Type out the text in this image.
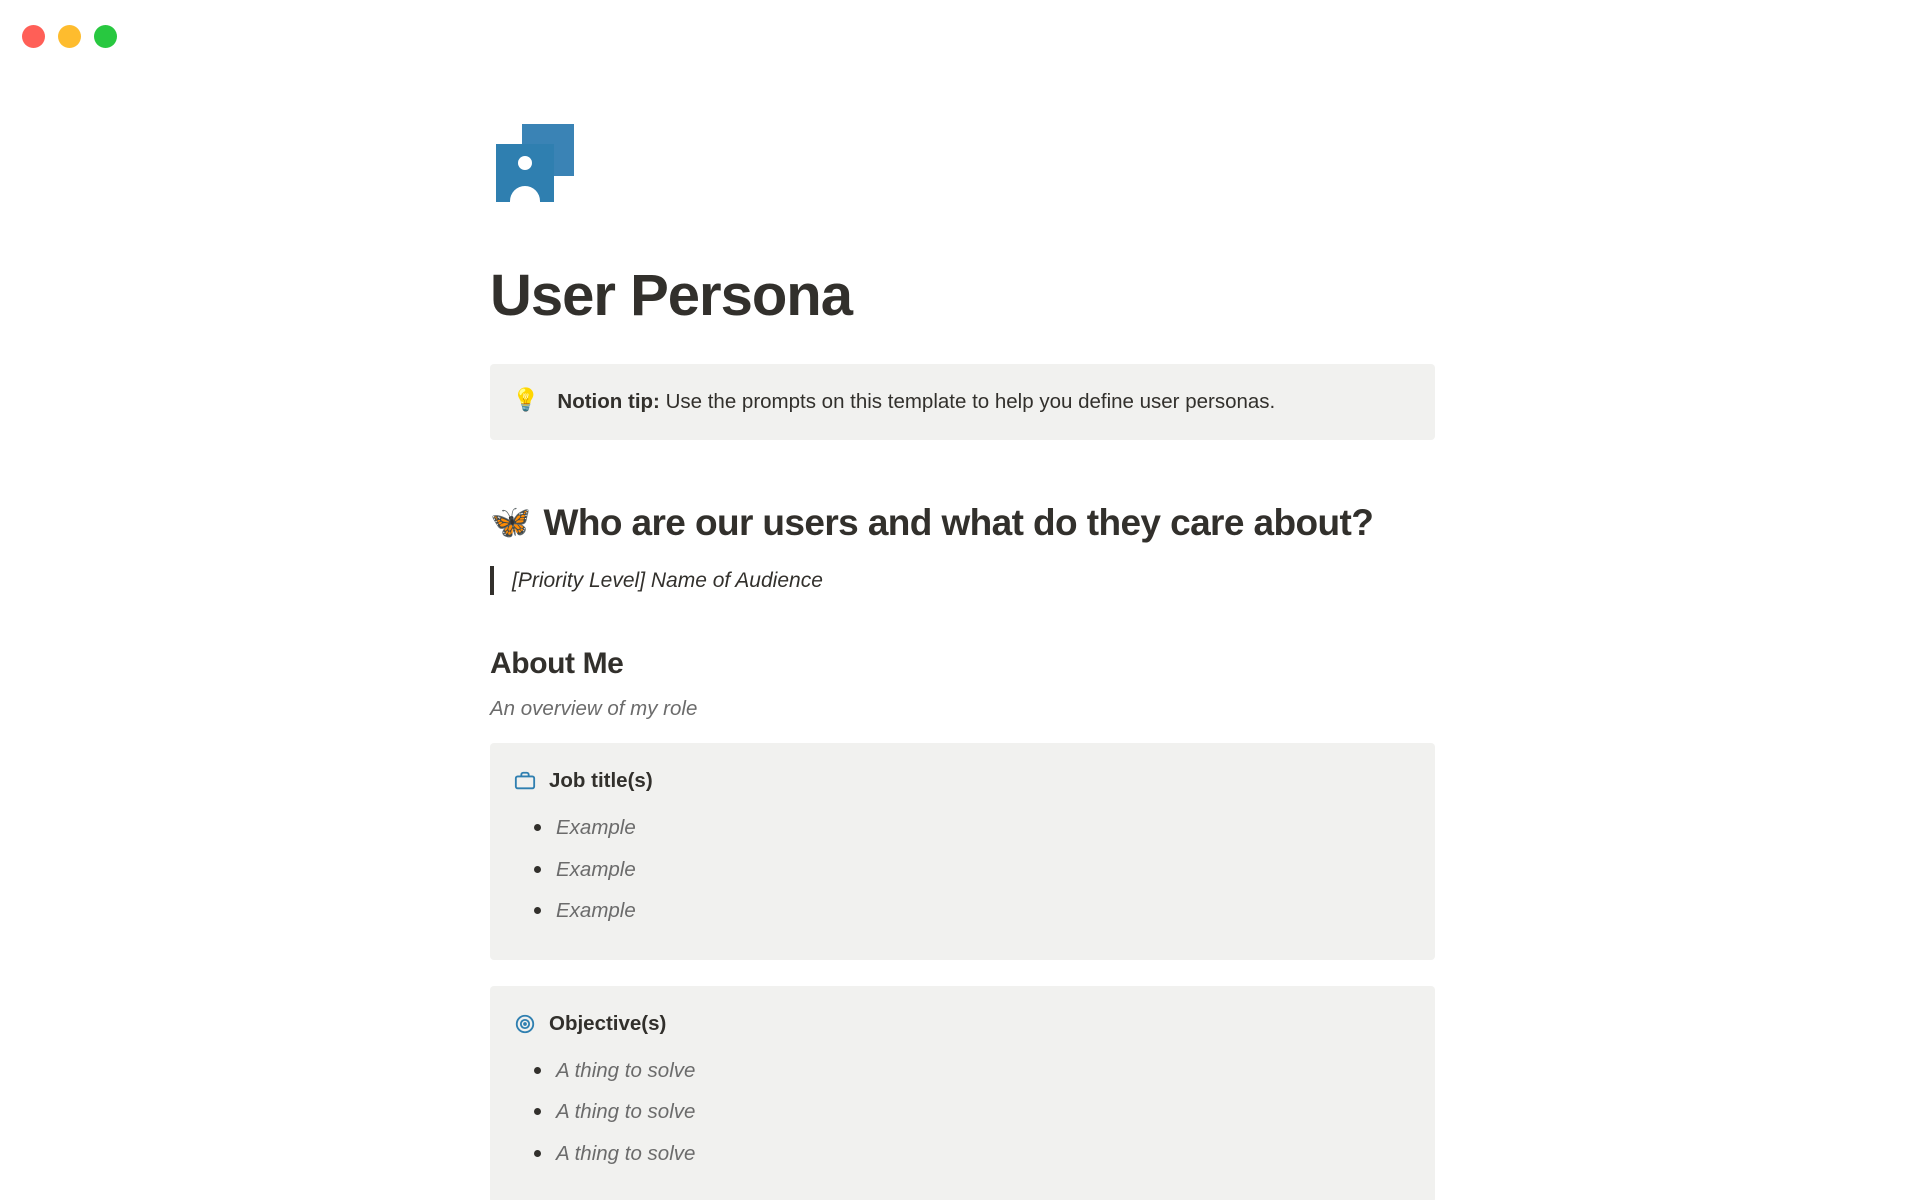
User Persona
💡 Notion tip: Use the prompts on this template to help you define user personas.
🦋 Who are our users and what do they care about?
[Priority Level] Name of Audience
About Me
An overview of my role
Job title(s)
Example
Example
Example
Objective(s)
A thing to solve
A thing to solve
A thing to solve
